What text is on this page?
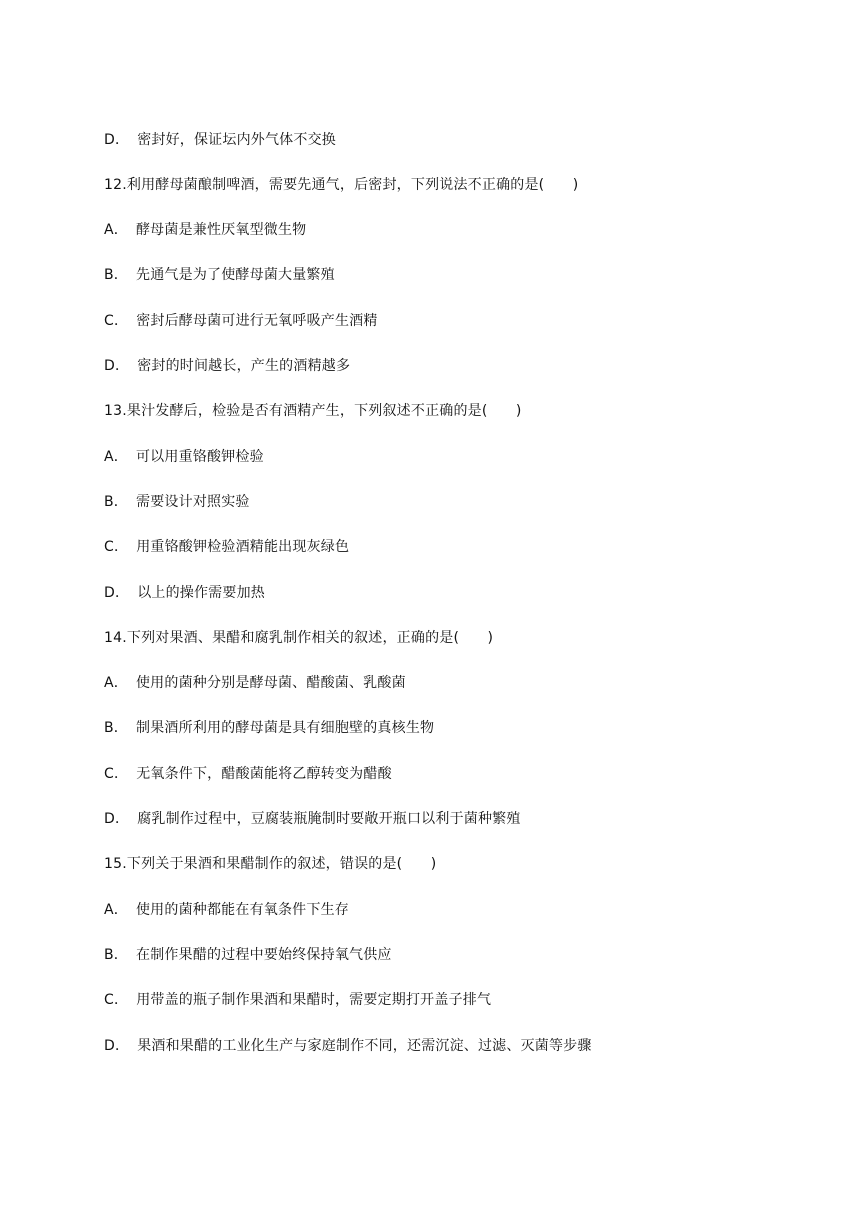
D． 密封好，保证坛内外气体不交换
12.利用酵母菌酿制啤酒，需要先通气，后密封，下列说法不正确的是(　　)
A． 酵母菌是兼性厌氧型微生物
B． 先通气是为了使酵母菌大量繁殖
C． 密封后酵母菌可进行无氧呼吸产生酒精
D． 密封的时间越长，产生的酒精越多
13.果汁发酵后，检验是否有酒精产生，下列叙述不正确的是(　　)
A． 可以用重铬酸钾检验
B． 需要设计对照实验
C． 用重铬酸钾检验酒精能出现灰绿色
D． 以上的操作需要加热
14.下列对果酒、果醋和腐乳制作相关的叙述，正确的是(　　)
A． 使用的菌种分别是酵母菌、醋酸菌、乳酸菌
B． 制果酒所利用的酵母菌是具有细胞壁的真核生物
C． 无氧条件下，醋酸菌能将乙醇转变为醋酸
D． 腐乳制作过程中，豆腐装瓶腌制时要敞开瓶口以利于菌种繁殖
15.下列关于果酒和果醋制作的叙述，错误的是(　　)
A． 使用的菌种都能在有氧条件下生存
B． 在制作果醋的过程中要始终保持氧气供应
C． 用带盖的瓶子制作果酒和果醋时，需要定期打开盖子排气
D． 果酒和果醋的工业化生产与家庭制作不同，还需沉淀、过滤、灭菌等步骤
